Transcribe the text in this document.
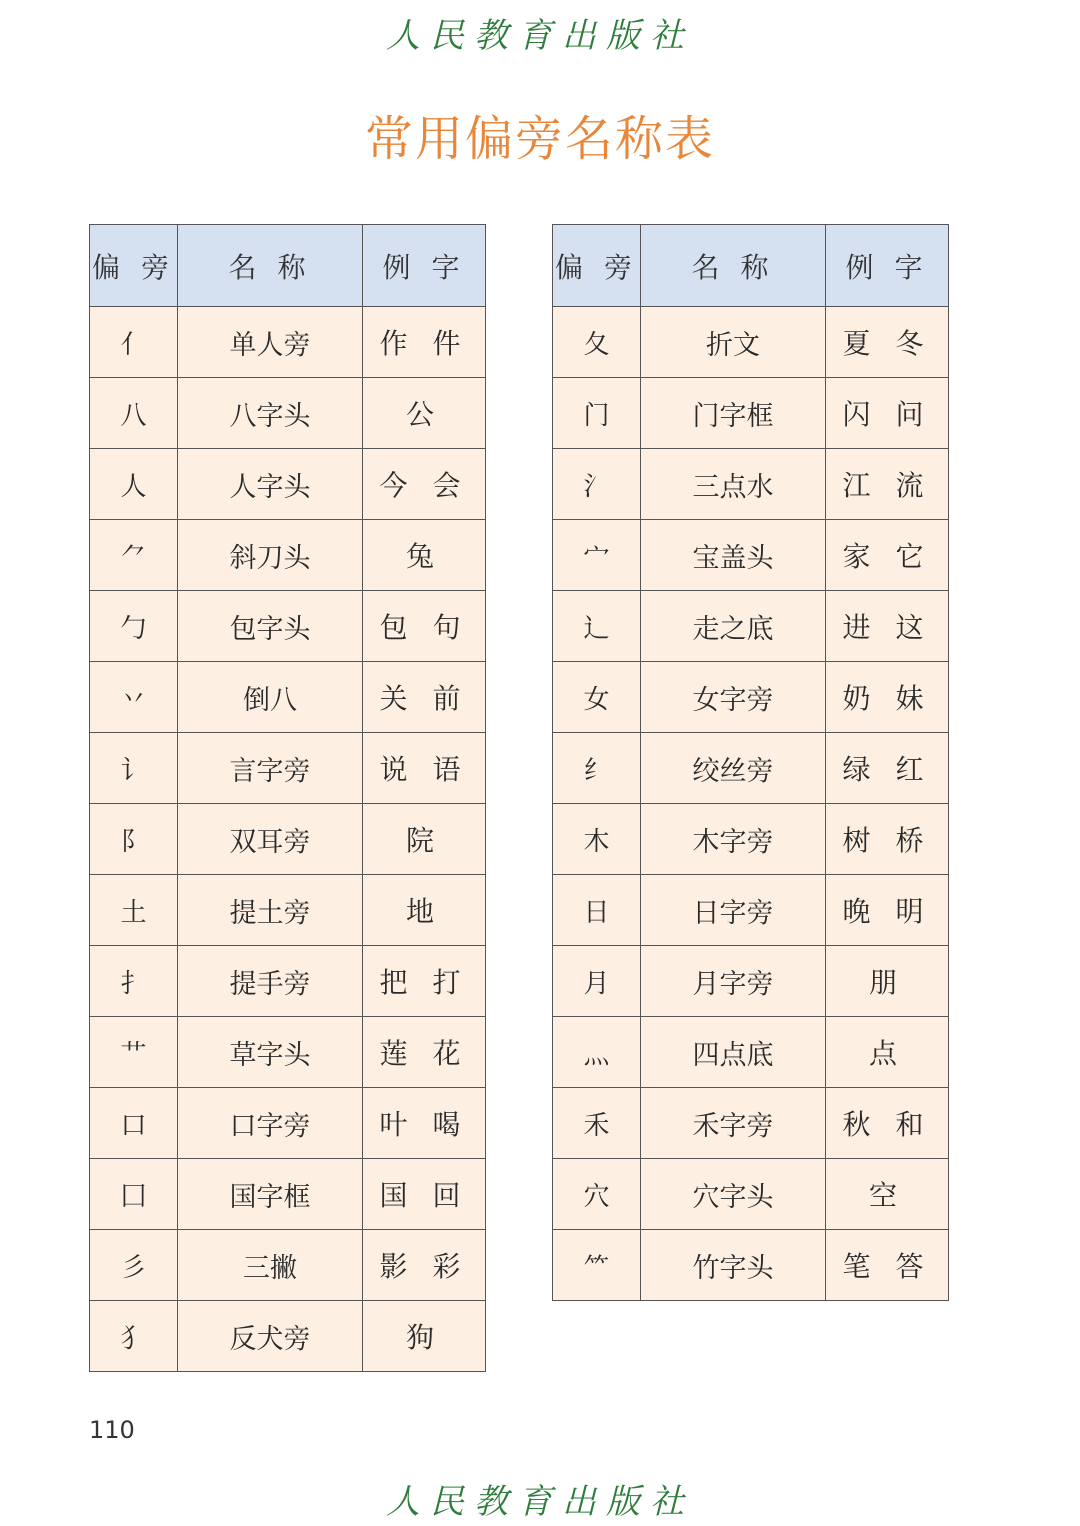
人民教育出版社
常用偏旁名称表
偏 旁	名 称	例 字
亻	单人旁	作 件
八	八字头	公
人	人字头	今 会
⺈	斜刀头	兔
勹	包字头	包 句
丷	倒八	关 前
讠	言字旁	说 语
阝	双耳旁	院
土	提土旁	地
扌	提手旁	把 打
艹	草字头	莲 花
口	口字旁	叶 喝
囗	国字框	国 回
彡	三撇	影 彩
犭	反犬旁	狗
偏 旁	名 称	例 字
夂	折文	夏 冬
门	门字框	闪 问
氵	三点水	江 流
宀	宝盖头	家 它
辶	走之底	进 这
女	女字旁	奶 妹
纟	绞丝旁	绿 红
木	木字旁	树 桥
日	日字旁	晚 明
月	月字旁	朋
灬	四点底	点
禾	禾字旁	秋 和
穴	穴字头	空
⺮	竹字头	笔 答
110
人民教育出版社
